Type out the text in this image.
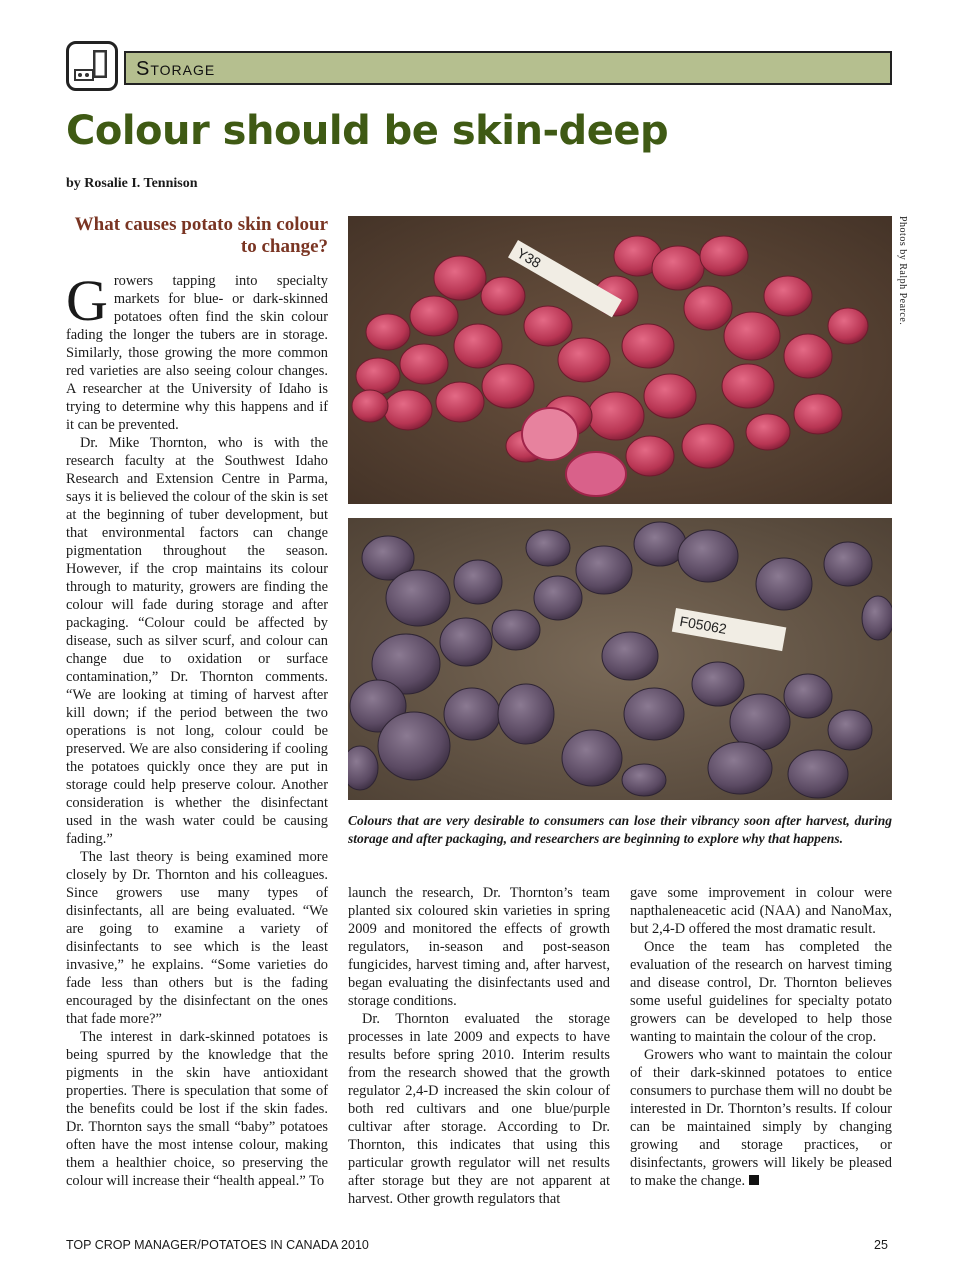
Storage
Colour should be skin-deep
by Rosalie I. Tennison
What causes potato skin colour to change?

Growers tapping into specialty markets for blue- or dark-skinned potatoes often find the skin colour fading the longer the tubers are in storage. Similarly, those growing the more common red varieties are also seeing colour changes. A researcher at the University of Idaho is trying to determine why this happens and if it can be prevented.

Dr. Mike Thornton, who is with the research faculty at the Southwest Idaho Research and Extension Centre in Parma, says it is believed the colour of the skin is set at the beginning of tuber development, but that environmental factors can change pigmentation throughout the season. However, if the crop maintains its colour through to maturity, growers are finding the colour will fade during storage and after packaging. “Colour could be affected by disease, such as silver scurf, and colour can change due to oxidation or surface contamination,” Dr. Thornton comments. “We are looking at timing of harvest after kill down; if the period between the two operations is not long, colour could be preserved. We are also considering if cooling the potatoes quickly once they are put in storage could help preserve colour. Another consideration is whether the disinfectant used in the wash water could be causing fading.”

The last theory is being examined more closely by Dr. Thornton and his colleagues. Since growers use many types of disinfectants, all are being evaluated. “We are going to examine a variety of disinfectants to see which is the least invasive,” he explains. “Some varieties do fade less than others but is the fading encouraged by the disinfectant on the ones that fade more?”

The interest in dark-skinned potatoes is being spurred by the knowledge that the pigments in the skin have antioxidant properties. There is speculation that some of the benefits could be lost if the skin fades. Dr. Thornton says the small “baby” potatoes often have the most intense colour, making them a healthier choice, so preserving the colour will increase their “health appeal.” To

Y38
F05062
Photos by Ralph Pearce.
Colours that are very desirable to consumers can lose their vibrancy soon after harvest, during storage and after packaging, and researchers are beginning to explore why that happens.

launch the research, Dr. Thornton’s team planted six coloured skin varieties in spring 2009 and monitored the effects of growth regulators, in-season and post-season fungicides, harvest timing and, after harvest, began evaluating the disinfectants used and storage conditions.

Dr. Thornton evaluated the storage processes in late 2009 and expects to have results before spring 2010. Interim results from the research showed that the growth regulator 2,4-D increased the skin colour of both red cultivars and one blue/purple cultivar after storage. According to Dr. Thornton, this indicates that using this particular growth regulator will net results after storage but they are not apparent at harvest. Other growth regulators that

gave some improvement in colour were napthaleneacetic acid (NAA) and NanoMax, but 2,4-D offered the most dramatic result.

Once the team has completed the evaluation of the research on harvest timing and disease control, Dr. Thornton believes some useful guidelines for specialty potato growers can be developed to help those wanting to maintain the colour of the crop.

Growers who want to maintain the colour of their dark-skinned potatoes to entice consumers to purchase them will no doubt be interested in Dr. Thornton’s results. If colour can be maintained simply by changing growing and storage practices, or disinfectants, growers will likely be pleased to make the change.

TOP CROP MANAGER/POTATOES IN CANADA 2010	25
